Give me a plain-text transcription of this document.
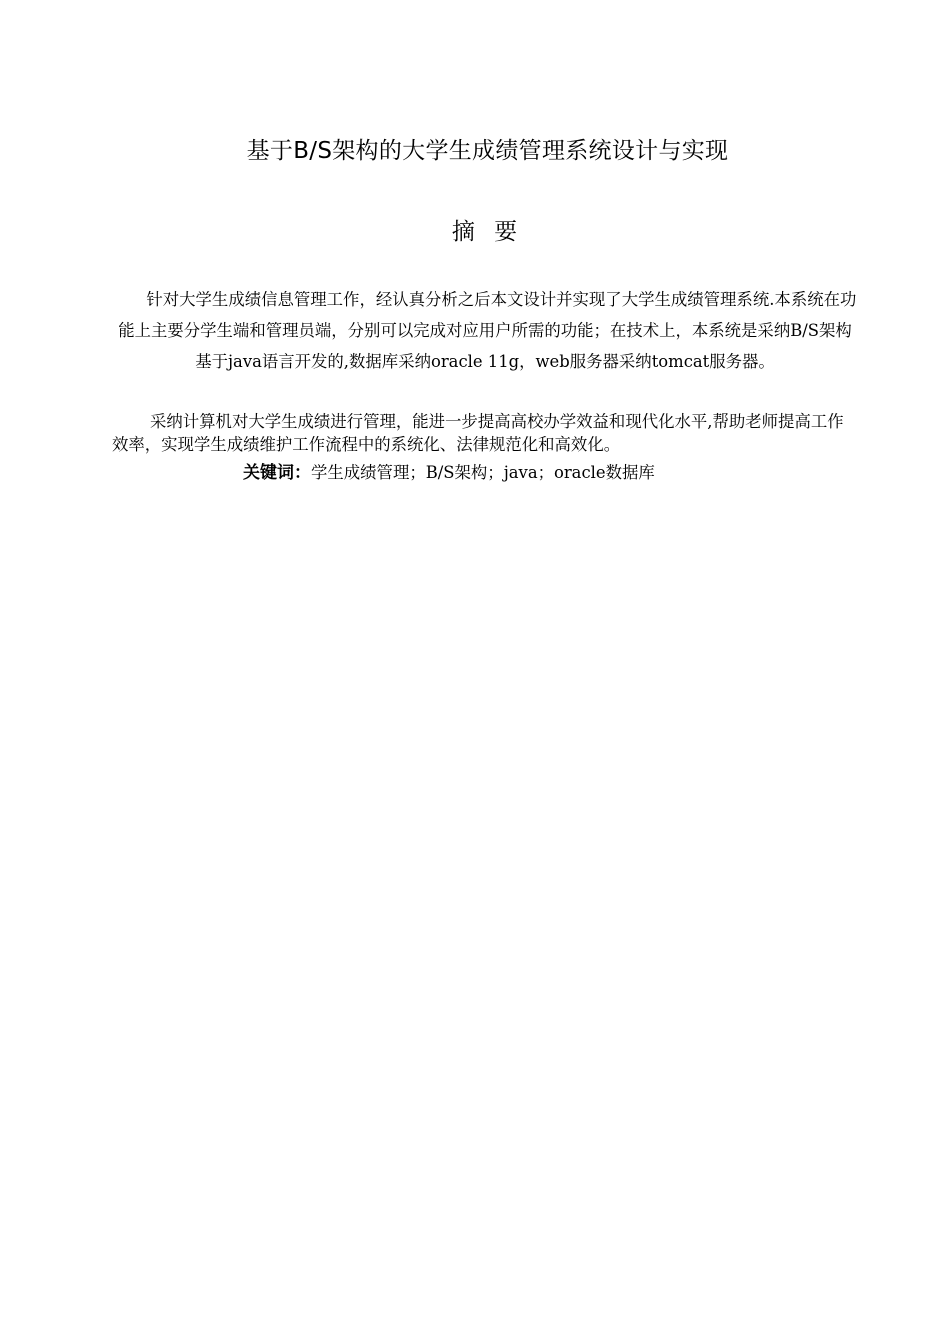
基于B/S架构的大学生成绩管理系统设计与实现
摘 要
　　针对大学生成绩信息管理工作，经认真分析之后本文设计并实现了大学生成绩管理系统.本系统在功能上主要分学生端和管理员端，分别可以完成对应用户所需的功能；在技术上，本系统是采纳B/S架构基于java语言开发的,数据库采纳oracle 11g，web服务器采纳tomcat服务器。
采纳计算机对大学生成绩进行管理，能进一步提高高校办学效益和现代化水平,帮助老师提高工作效率，实现学生成绩维护工作流程中的系统化、法律规范化和高效化。
关键词：学生成绩管理；B/S架构；java；oracle数据库
